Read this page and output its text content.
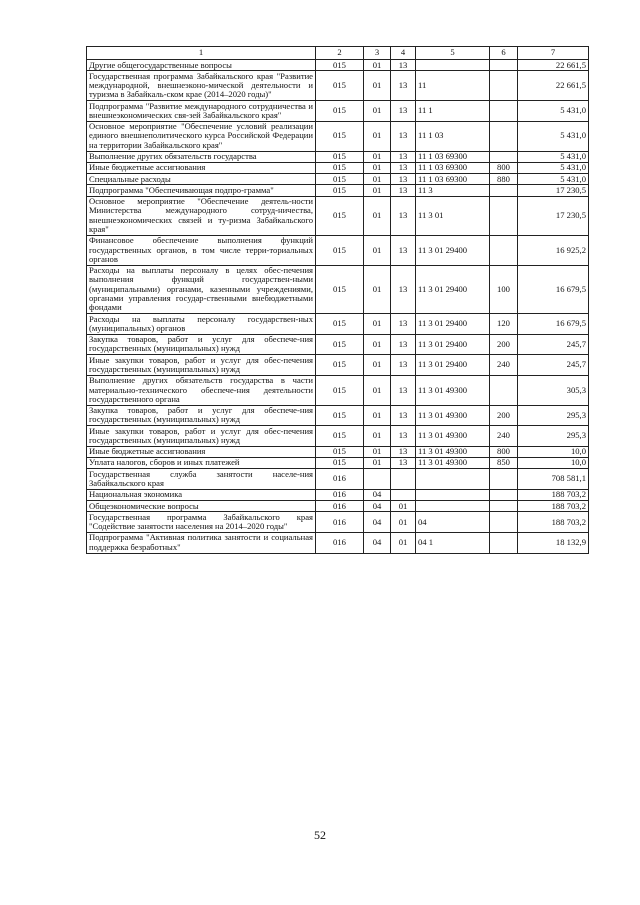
1	2	3	4	5	6	7
Другие общегосударственные вопросы	015	01	13			22 661,5
Государственная программа Забайкальского края "Развитие международной, внешнеэконо-мической деятельности и туризма в Забайкаль-ском крае (2014–2020 годы)"	015	01	13	11		22 661,5
Подпрограмма "Развитие международного сотрудничества и внешнеэкономических свя-зей Забайкальского края"	015	01	13	11 1		5 431,0
Основное мероприятие "Обеспечение условий реализации единого внешнеполитического курса Российской Федерации на территории Забайкальского края"	015	01	13	11 1 03		5 431,0
Выполнение других обязательств государства	015	01	13	11 1 03 69300		5 431,0
Иные бюджетные ассигнования	015	01	13	11 1 03 69300	800	5 431,0
Специальные расходы	015	01	13	11 1 03 69300	880	5 431,0
Подпрограмма "Обеспечивающая подпро-грамма"	015	01	13	11 3		17 230,5
Основное мероприятие "Обеспечение деятель-ности Министерства международного сотруд-ничества, внешнеэкономических связей и ту-ризма Забайкальского края"	015	01	13	11 3 01		17 230,5
Финансовое обеспечение выполнения функций государственных органов, в том числе терри-ториальных органов	015	01	13	11 3 01 29400		16 925,2
Расходы на выплаты персоналу в целях обес-печения выполнения функций государствен-ными (муниципальными) органами, казенными учреждениями, органами управления государ-ственными внебюджетными фондами	015	01	13	11 3 01 29400	100	16 679,5
Расходы на выплаты персоналу государствен-ных (муниципальных) органов	015	01	13	11 3 01 29400	120	16 679,5
Закупка товаров, работ и услуг для обеспече-ния государственных (муниципальных) нужд	015	01	13	11 3 01 29400	200	245,7
Иные закупки товаров, работ и услуг для обес-печения государственных (муниципальных) нужд	015	01	13	11 3 01 29400	240	245,7
Выполнение других обязательств государства в части материально-технического обеспече-ния деятельности государственного органа	015	01	13	11 3 01 49300		305,3
Закупка товаров, работ и услуг для обеспече-ния государственных (муниципальных) нужд	015	01	13	11 3 01 49300	200	295,3
Иные закупки товаров, работ и услуг для обес-печения государственных (муниципальных) нужд	015	01	13	11 3 01 49300	240	295,3
Иные бюджетные ассигнования	015	01	13	11 3 01 49300	800	10,0
Уплата налогов, сборов и иных платежей	015	01	13	11 3 01 49300	850	10,0
Государственная служба занятости населе-ния Забайкальского края	016					708 581,1
Национальная экономика	016	04				188 703,2
Общеэкономические вопросы	016	04	01			188 703,2
Государственная программа Забайкальского края "Содействие занятости населения на 2014–2020 годы"	016	04	01	04		188 703,2
Подпрограмма "Активная политика занятости и социальная поддержка безработных"	016	04	01	04 1		18 132,9
52
